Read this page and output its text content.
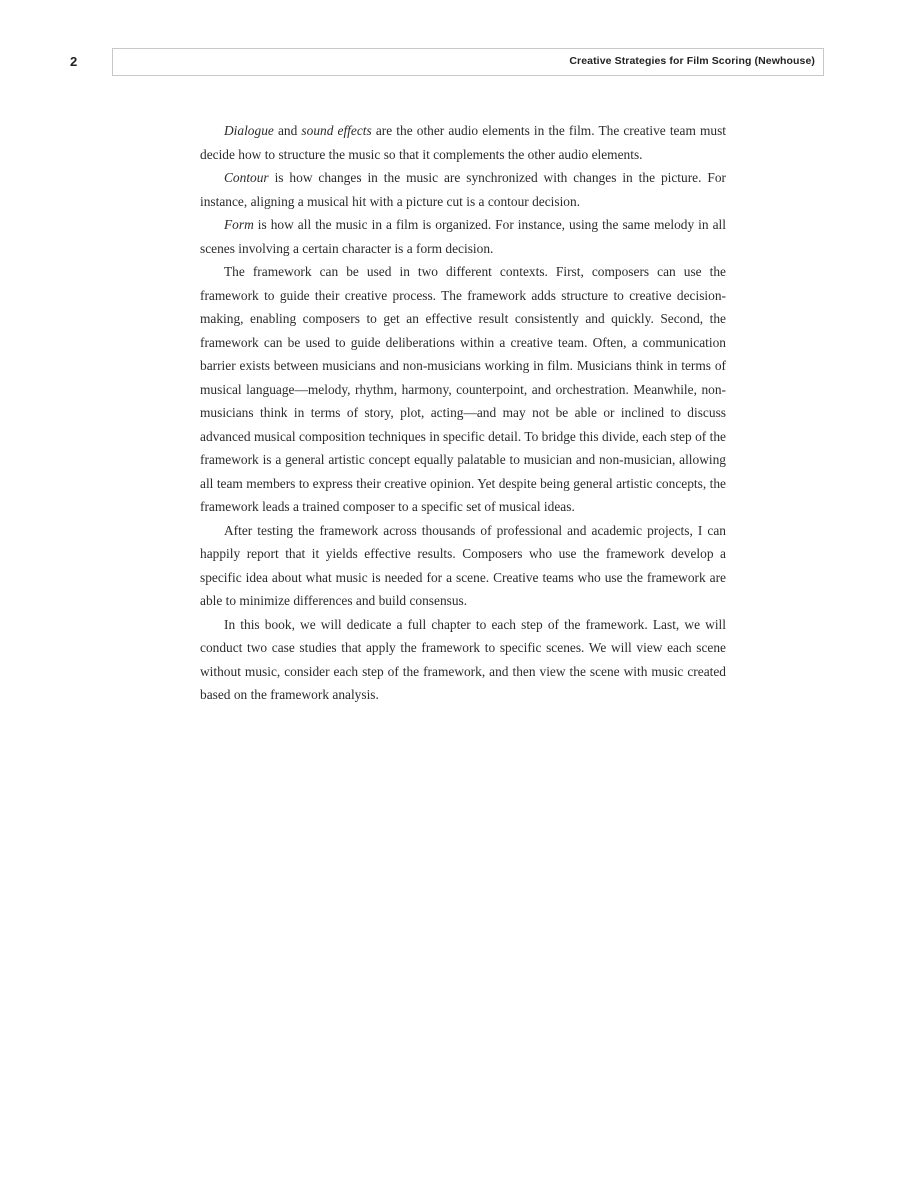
2	Creative Strategies for Film Scoring (Newhouse)

Dialogue and sound effects are the other audio elements in the film. The creative team must decide how to structure the music so that it complements the other audio elements.

Contour is how changes in the music are synchronized with changes in the picture. For instance, aligning a musical hit with a picture cut is a contour decision.

Form is how all the music in a film is organized. For instance, using the same melody in all scenes involving a certain character is a form decision.

The framework can be used in two different contexts. First, composers can use the framework to guide their creative process. The framework adds structure to creative decision-making, enabling composers to get an effective result consistently and quickly. Second, the framework can be used to guide deliberations within a creative team. Often, a communication barrier exists between musicians and non-musicians working in film. Musicians think in terms of musical language—melody, rhythm, harmony, counterpoint, and orchestration. Meanwhile, non-musicians think in terms of story, plot, acting—and may not be able or inclined to discuss advanced musical composition techniques in specific detail. To bridge this divide, each step of the framework is a general artistic concept equally palatable to musician and non-musician, allowing all team members to express their creative opinion. Yet despite being general artistic concepts, the framework leads a trained composer to a specific set of musical ideas.

After testing the framework across thousands of professional and academic projects, I can happily report that it yields effective results. Composers who use the framework develop a specific idea about what music is needed for a scene. Creative teams who use the framework are able to minimize differences and build consensus.

In this book, we will dedicate a full chapter to each step of the framework. Last, we will conduct two case studies that apply the framework to specific scenes. We will view each scene without music, consider each step of the framework, and then view the scene with music created based on the framework analysis.
